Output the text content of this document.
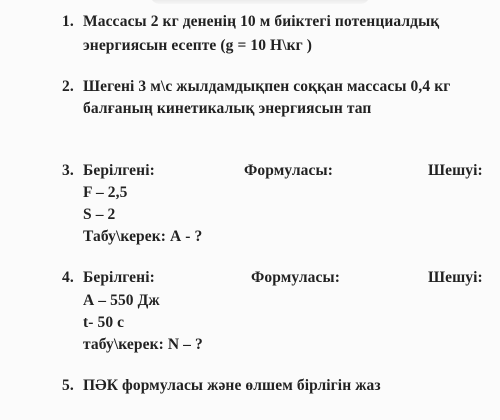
1. Массасы 2 кг дененің 10 м биіктегі потенциалдық
энергиясын есепте (g = 10 Н\кг )
2. Шегені 3 м\с жылдамдықпен соққан массасы 0,4 кг
балғаның кинетикалық энергиясын тап
3. Берілгені:	Формуласы:	Шешуі:
F – 2,5
S – 2
Табу\керек: А - ?
4. Берілгені:	Формуласы:	Шешуі:
А – 550 Дж
t- 50 с
табу\керек: N – ?
5. ПӘК формуласы және өлшем бірлігін жаз
